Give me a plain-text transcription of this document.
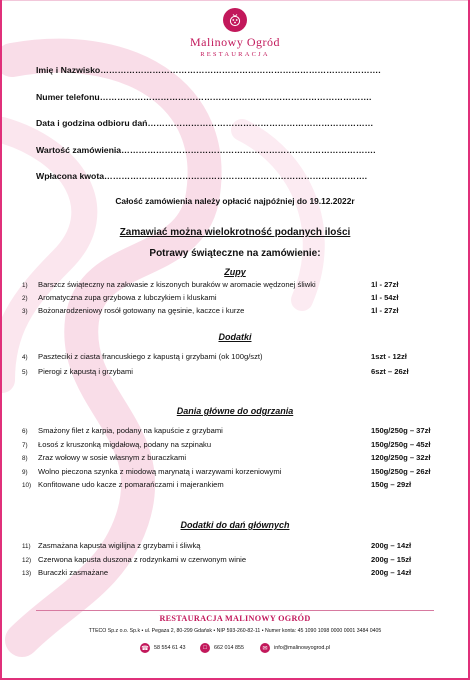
Malinowy Ogród
RESTAURACJA
Imię i Nazwisko…………………………………………………………………………………….
Numer telefonu………………………………………………………………………………….
Data i godzina odbioru dań……………………………………………………………………
Wartość zamówienia…………………………………………………………………………….
Wpłacona kwota……………………………………………………………………………….
Całość zamówienia należy opłacić najpóźniej do 19.12.2022r
Zamawiać można wielokrotność podanych ilości
Potrawy świąteczne na zamówienie:
Zupy
1) Barszcz świąteczny na zakwasie z kiszonych buraków w aromacie wędzonej śliwki	1l - 27zł
2) Aromatyczna zupa grzybowa z lubczykiem i kluskami	1l - 54zł
3) Bożonarodzeniowy rosół gotowany na gęsinie, kaczce i kurze	1l - 27zł
Dodatki
4) Paszteciki z ciasta francuskiego z kapustą i grzybami (ok 100g/szt)	1szt - 12zł
5) Pierogi z kapustą i grzybami	6szt – 26zł
Dania główne do odgrzania
6) Smażony filet z karpia, podany na kapuście z grzybami	150g/250g – 37zł
7) Łosoś z kruszonką migdałową, podany na szpinaku	150g/250g – 45zł
8) Zraz wołowy w sosie własnym z buraczkami	120g/250g – 32zł
9) Wolno pieczona szynka z miodową marynatą i warzywami korzeniowymi	150g/250g – 26zł
10) Konfitowane udo kacze z pomarańczami i majerankiem	150g – 29zł
Dodatki do dań głównych
11) Zasmażana kapusta wigilijna z grzybami i śliwką	200g – 14zł
12) Czerwona kapusta duszona z rodzynkami w czerwonym winie	200g – 15zł
13) Buraczki zasmażane	200g – 14zł
RESTAURACJA MALINOWY OGRÓD
TTECO Sp.z o.o. Sp.k • ul. Pegaza 2, 80-299 Gdańsk • NIP 593-260-82-11 • Numer konta: 45 1090 1098 0000 0001 3484 0405
☎ 58 554 61 43	□	662 014 855	✉	info@malinowyogrod.pl
